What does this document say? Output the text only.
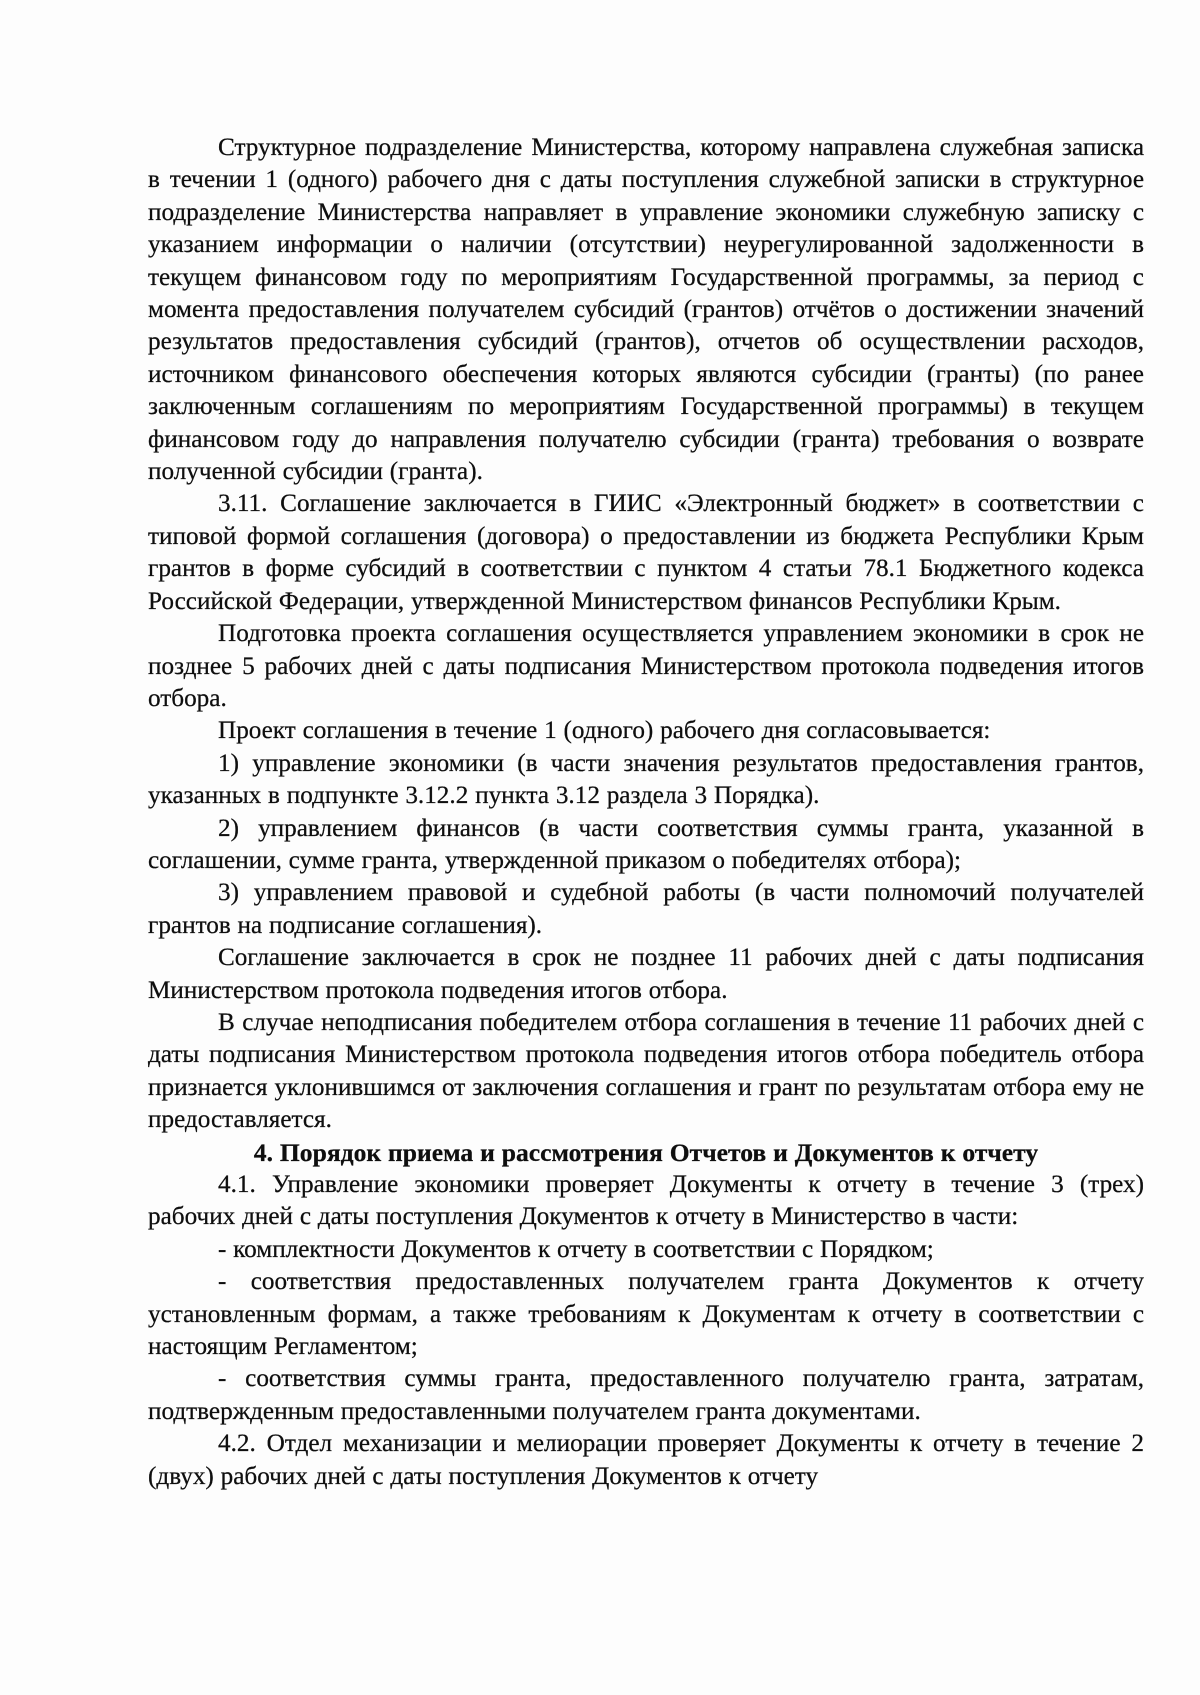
Структурное подразделение Министерства, которому направлена служебная записка в течении 1 (одного) рабочего дня с даты поступления служебной записки в структурное подразделение Министерства направляет в управление экономики служебную записку с указанием информации о наличии (отсутствии) неурегулированной задолженности в текущем финансовом году по мероприятиям Государственной программы, за период с момента предоставления получателем субсидий (грантов) отчётов о достижении значений результатов предоставления субсидий (грантов), отчетов об осуществлении расходов, источником финансового обеспечения которых являются субсидии (гранты) (по ранее заключенным соглашениям по мероприятиям Государственной программы) в текущем финансовом году до направления получателю субсидии (гранта) требования о возврате полученной субсидии (гранта).

3.11. Соглашение заключается в ГИИС «Электронный бюджет» в соответствии с типовой формой соглашения (договора) о предоставлении из бюджета Республики Крым грантов в форме субсидий в соответствии с пунктом 4 статьи 78.1 Бюджетного кодекса Российской Федерации, утвержденной Министерством финансов Республики Крым.

Подготовка проекта соглашения осуществляется управлением экономики в срок не позднее 5 рабочих дней с даты подписания Министерством протокола подведения итогов отбора.

Проект соглашения в течение 1 (одного) рабочего дня согласовывается:

1) управление экономики (в части значения результатов предоставления грантов, указанных в подпункте 3.12.2 пункта 3.12 раздела 3 Порядка).

2) управлением финансов (в части соответствия суммы гранта, указанной в соглашении, сумме гранта, утвержденной приказом о победителях отбора);

3) управлением правовой и судебной работы (в части полномочий получателей грантов на подписание соглашения).

Соглашение заключается в срок не позднее 11 рабочих дней с даты подписания Министерством протокола подведения итогов отбора.

В случае неподписания победителем отбора соглашения в течение 11 рабочих дней с даты подписания Министерством протокола подведения итогов отбора победитель отбора признается уклонившимся от заключения соглашения и грант по результатам отбора ему не предоставляется.

4. Порядок приема и рассмотрения Отчетов и Документов к отчету

4.1. Управление экономики проверяет Документы к отчету в течение 3 (трех) рабочих дней с даты поступления Документов к отчету в Министерство в части:

- комплектности Документов к отчету в соответствии с Порядком;

- соответствия предоставленных получателем гранта Документов к отчету установленным формам, а также требованиям к Документам к отчету в соответствии с настоящим Регламентом;

- соответствия суммы гранта, предоставленного получателю гранта, затратам, подтвержденным предоставленными получателем гранта документами.

4.2. Отдел механизации и мелиорации проверяет Документы к отчету в течение 2 (двух) рабочих дней с даты поступления Документов к отчету
